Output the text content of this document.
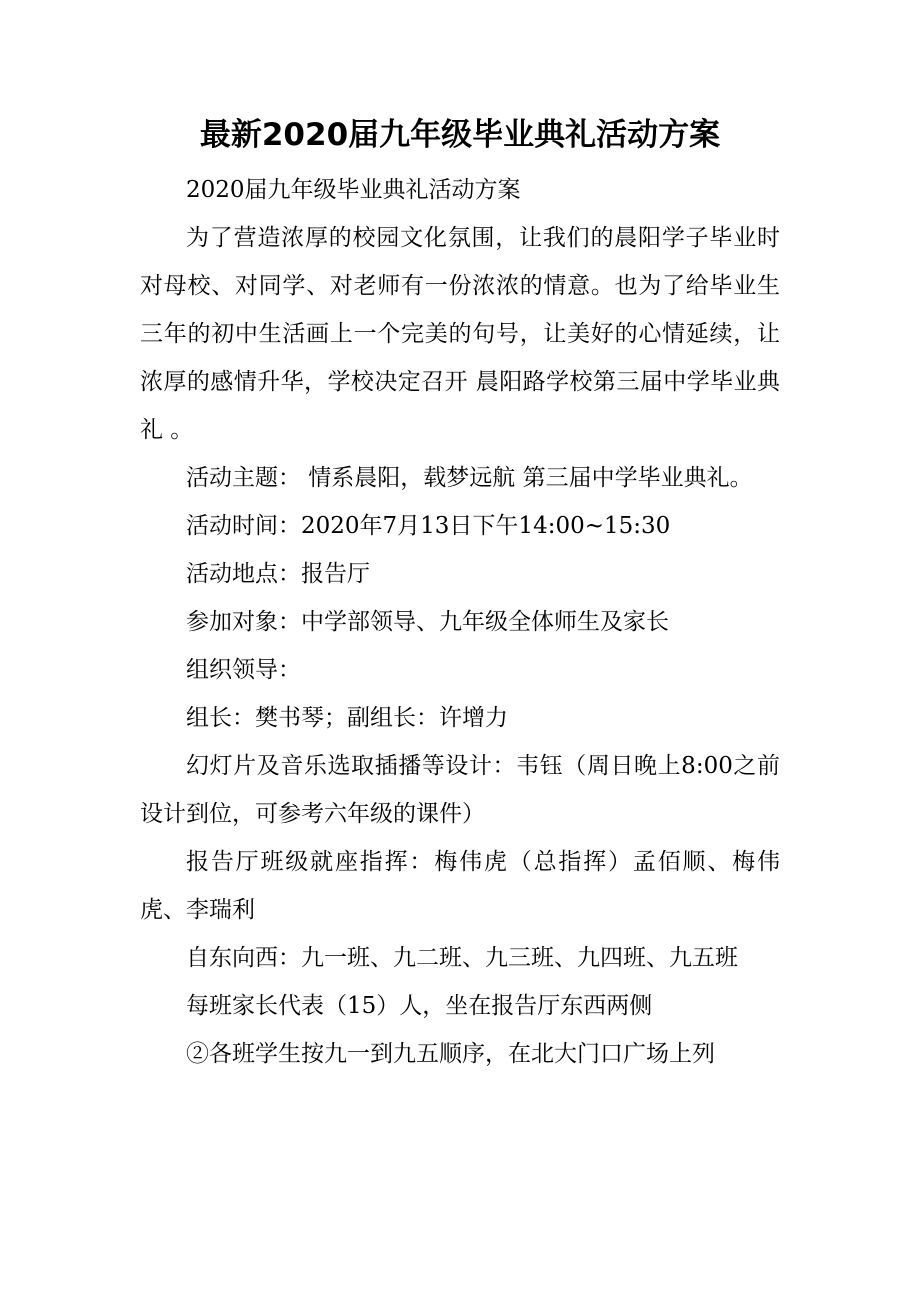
最新2020届九年级毕业典礼活动方案

2020届九年级毕业典礼活动方案

为了营造浓厚的校园文化氛围，让我们的晨阳学子毕业时对母校、对同学、对老师有一份浓浓的情意。也为了给毕业生三年的初中生活画上一个完美的句号，让美好的心情延续，让浓厚的感情升华，学校决定召开 晨阳路学校第三届中学毕业典礼 。

活动主题： 情系晨阳，载梦远航 第三届中学毕业典礼。

活动时间：2020年7月13日下午14:00~15:30

活动地点：报告厅

参加对象：中学部领导、九年级全体师生及家长

组织领导：

组长：樊书琴；副组长：许增力

幻灯片及音乐选取插播等设计：韦钰（周日晚上8:00之前设计到位，可参考六年级的课件）

报告厅班级就座指挥：梅伟虎（总指挥）孟佰顺、梅伟虎、李瑞利

自东向西：九一班、九二班、九三班、九四班、九五班

每班家长代表（15）人，坐在报告厅东西两侧

②各班学生按九一到九五顺序，在北大门口广场上列
